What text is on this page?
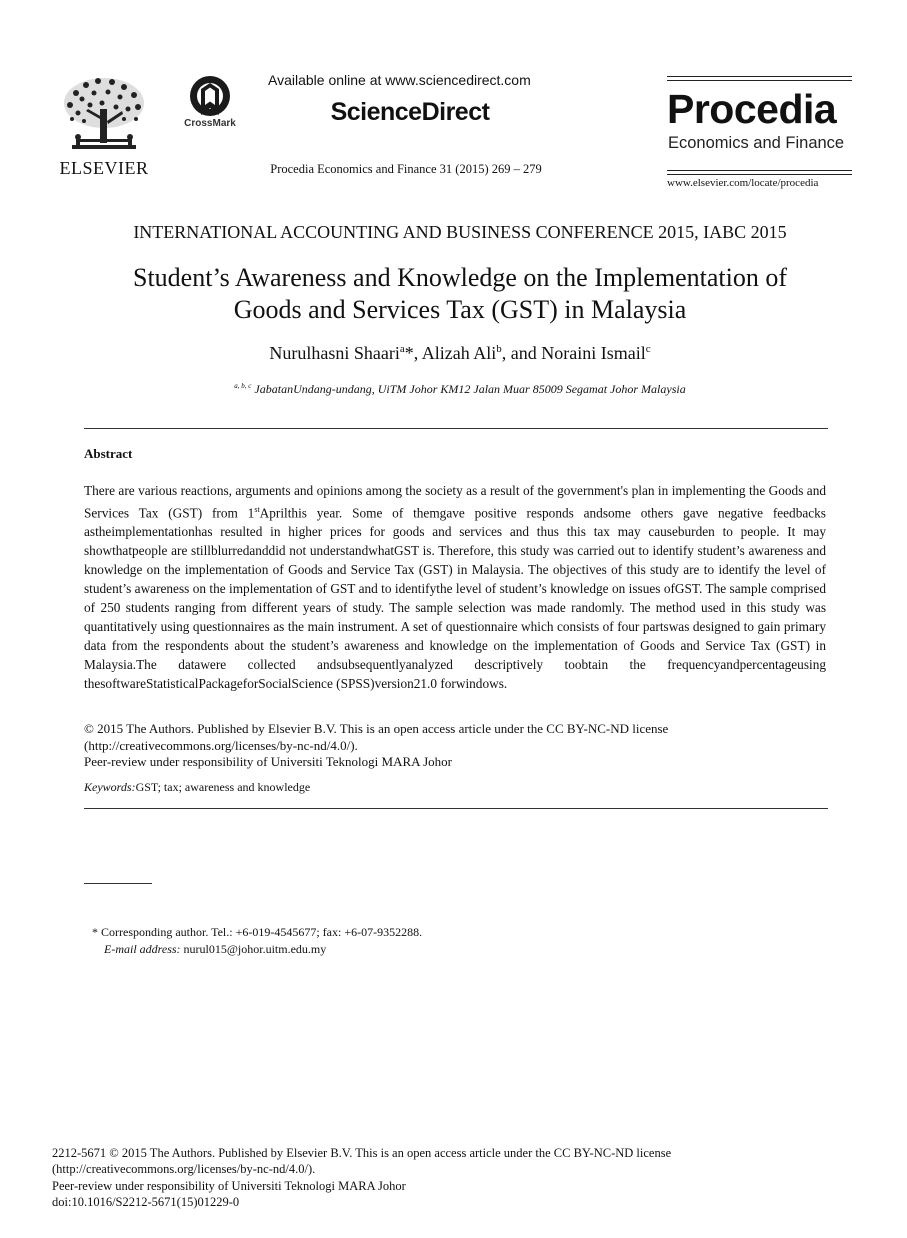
ELSEVIER
CrossMark
Available online at www.sciencedirect.com
ScienceDirect
Procedia Economics and Finance 31 (2015) 269 – 279
Procedia
Economics and Finance
www.elsevier.com/locate/procedia
INTERNATIONAL ACCOUNTING AND BUSINESS CONFERENCE 2015, IABC 2015
Student’s Awareness and Knowledge on the Implementation of
Goods and Services Tax (GST) in Malaysia
Nurulhasni Shaari$^a$*, Alizah Ali$^b$, and Noraini Ismail$^c$
$^{a, b, c}$ JabatanUndang-undang, UiTM Johor KM12 Jalan Muar 85009 Segamat Johor Malaysia
Abstract
There are various reactions, arguments and opinions among the society as a result of the government's plan in implementing the Goods and Services Tax (GST) from 1stAprilthis year. Some of themgave positive responds andsome others gave negative feedbacks astheimplementationhas resulted in higher prices for goods and services and thus this tax may causeburden to people. It may showthatpeople are stillblurredanddid not understandwhatGST is. Therefore, this study was carried out to identify student’s awareness and knowledge on the implementation of Goods and Service Tax (GST) in Malaysia. The objectives of this study are to identify the level of student’s awareness on the implementation of GST and to identifythe level of student’s knowledge on issues ofGST. The sample comprised of 250 students ranging from different years of study. The sample selection was made randomly. The method used in this study was quantitatively using questionnaires as the main instrument. A set of questionnaire which consists of four partswas designed to gain primary data from the respondents about the student’s awareness and knowledge on the implementation of Goods and Service Tax (GST) in Malaysia.The datawere collected andsubsequentlyanalyzed descriptively toobtain the frequencyandpercentageusing thesoftwareStatisticalPackageforSocialScience (SPSS)version21.0 forwindows.
© 2015 The Authors. Published by Elsevier B.V. This is an open access article under the CC BY-NC-ND license
(http://creativecommons.org/licenses/by-nc-nd/4.0/).
Peer-review under responsibility of Universiti Teknologi MARA Johor
Keywords:GST; tax; awareness and knowledge
* Corresponding author. Tel.: +6-019-4545677; fax: +6-07-9352288.
E-mail address: nurul015@johor.uitm.edu.my
2212-5671 © 2015 The Authors. Published by Elsevier B.V. This is an open access article under the CC BY-NC-ND license
(http://creativecommons.org/licenses/by-nc-nd/4.0/).
Peer-review under responsibility of Universiti Teknologi MARA Johor
doi:10.1016/S2212-5671(15)01229-0
